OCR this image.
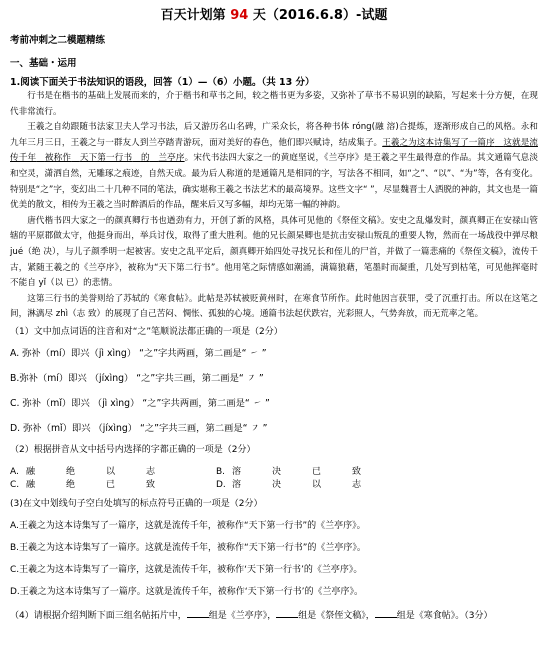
百天计划第 94 天（2016.6.8）-试题

考前冲刺之二模题精练

一、基础・运用

1.阅读下面关于书法知识的语段，回答（1）—（6）小题。（共 13 分）

行书是在楷书的基础上发展而来的，介于楷书和草书之间，较之楷书更为多姿，又弥补了草书不易识别的缺陷，写起来十分方便，在现代非常流行。

王羲之自幼跟随书法家卫夫人学习书法，后又游历名山名碑，广采众长，将各种书体 róng(融 溶)合提炼，逐渐形成自己的风格。永和九年三月三日，王羲之与一群友人到兰亭踏青游玩，面对美好的春色，他们即兴赋诗，结成集子。王羲之为这本诗集写了一篇序　 这就是流传千年　 被称作　 天下第一行书　 的　 兰亭序。宋代书法四大家之一的黄庭坚说，《兰亭序》是王羲之平生最得意的作品。其文通篇气息淡和空灵，潇洒自然，无雕琢之痕迹，自然天成。最为后人称道的是通篇凡是相同的字，写法各不相同，如“之”、“以”、“为”等，各有变化。特别是“之”字，变幻出二十几种不同的笔法，确实堪称王羲之书法艺术的最高境界。这些文字“ ”，尽显魏晋士人洒脱的神韵，其文也是一篇优美的散文，相传为王羲之当时醉酒后的作品，醒来后又写多幅，却均无第一幅的神韵。

唐代楷书四大家之一的颜真卿行书也遒劲有力，开创了新的风格，具体可见他的《祭侄文稿》。安史之乱爆发时，颜真卿正在安禄山管辖的平原郡做太守，他挺身而出，举兵讨伐，取得了重大胜利。他的兄长颜杲卿也是抗击安禄山叛乱的重要人物，然而在一场战役中弹尽粮 jué（绝 决），与儿子颜季明一起被害。安史之乱平定后，颜真卿开始四处寻找兄长和侄儿的尸首，并做了一篇悲痛的《祭侄文稿》，流传千古，紧随王羲之的《兰亭序》，被称为“天下第二行书”。他用笔之际情感如潮涌，满篇狼藉，笔墨时而凝重，几处写到枯笔，可见他挥毫时不能自 yǐ（以 已）的悲情。

这第三行书的美誉则给了苏轼的《寒食帖》。此帖是苏轼被贬黄州时，在寒食节所作。此时他因言获罪，受了沉重打击。所以在这笔之间，淋漓尽 zhì（志 致）的展现了自己苦闷、惆怅、孤独的心境。通篇书法起伏跌宕，光彩照人，气势奔放，而无荒率之笔。

（1）文中加点词语的注音和对“之”笔顺说法都正确的一项是（2分）

A. 弥补（mí）即兴（jì xìng） “之”字共两画，第二画是“ ㇀ ”

B.弥补（mí）即兴 （jíxìng） “之”字共三画，第二画是“ ㇇ ”

C. 弥补（mǐ）即兴 （jì xìng） “之”字共两画，第二画是“ ㇀ ”

D. 弥补（mǐ）即兴 （jíxìng） “之”字共三画，第二画是“ ㇇ ”

（2）根据拼音从文中括号内选择的字都正确的一项是（2分）

A. 融	绝	以	志	B. 溶	决	已	致
C. 融	绝	已	致	D. 溶	决	以	志

(3)在文中划线句子空白处填写的标点符号正确的一项是（2分）

A.王羲之为这本诗集写了一篇序，这就是流传千年，被称作“天下第一行书”的《兰亭序》。

B.王羲之为这本诗集写了一篇序。这就是流传千年，被称作“天下第一行书”的《兰亭序》。

C.王羲之为这本诗集写了一篇序，这就是流传千年，被称作‘天下第一行书’的《兰亭序》。

D.王羲之为这本诗集写了一篇序。这就是流传千年，被称作‘天下第一行书’的《兰亭序》。

（4）请根据介绍判断下面三组名帖拓片中， 组是《兰亭序》， 组是《祭侄文稿》， 组是《寒食帖》。（3分）
